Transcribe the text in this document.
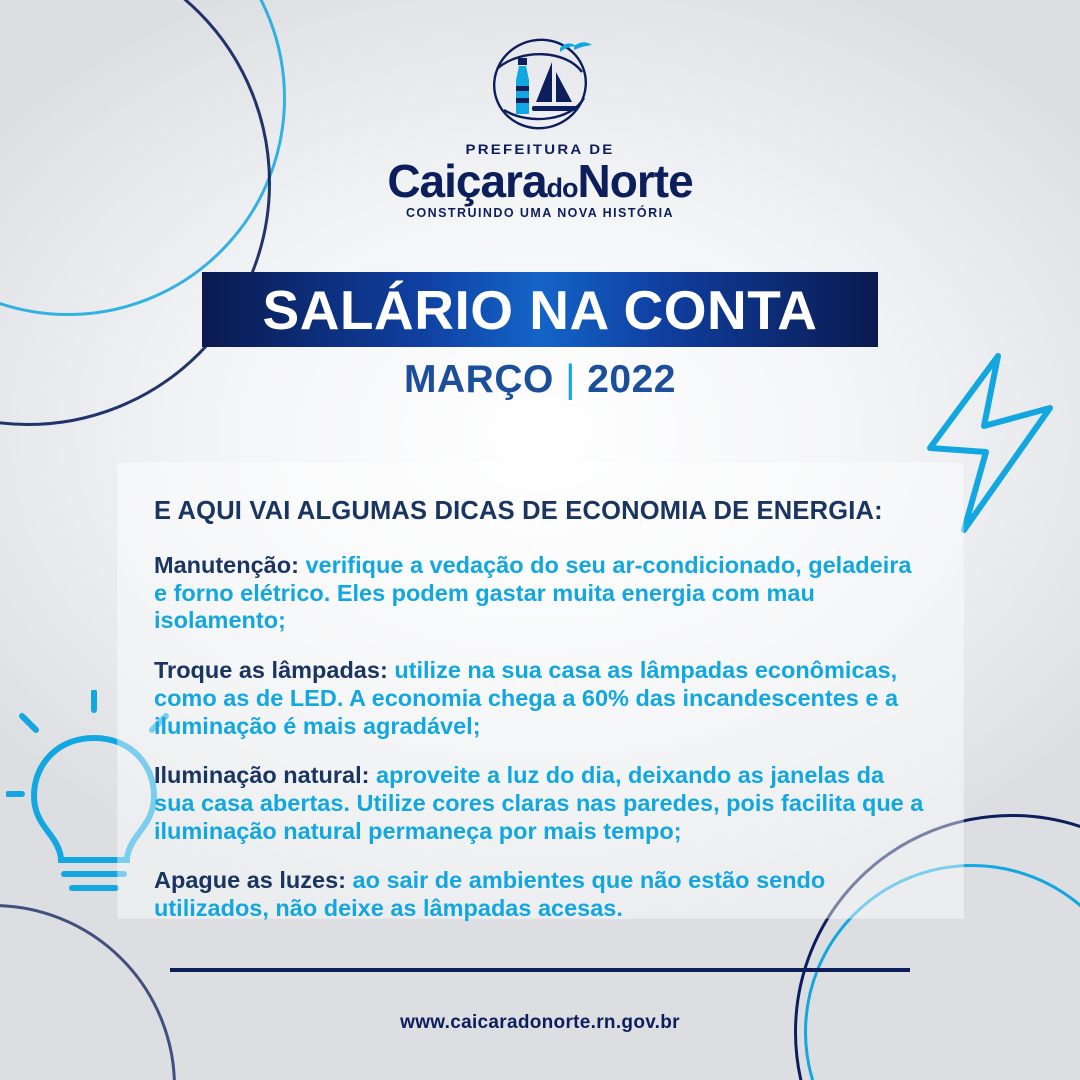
PREFEITURA DE
CaiçaradoNorte
CONSTRUINDO UMA NOVA HISTÓRIA
SALÁRIO NA CONTA
MARÇO | 2022

E AQUI VAI ALGUMAS DICAS DE ECONOMIA DE ENERGIA:

Manutenção: verifique a vedação do seu ar-condicionado, geladeira e forno elétrico. Eles podem gastar muita energia com mau isolamento;

Troque as lâmpadas: utilize na sua casa as lâmpadas econômicas, como as de LED. A economia chega a 60% das incandescentes e a iluminação é mais agradável;

Iluminação natural: aproveite a luz do dia, deixando as janelas da sua casa abertas. Utilize cores claras nas paredes, pois facilita que a iluminação natural permaneça por mais tempo;

Apague as luzes: ao sair de ambientes que não estão sendo utilizados, não deixe as lâmpadas acesas.

www.caicaradonorte.rn.gov.br
